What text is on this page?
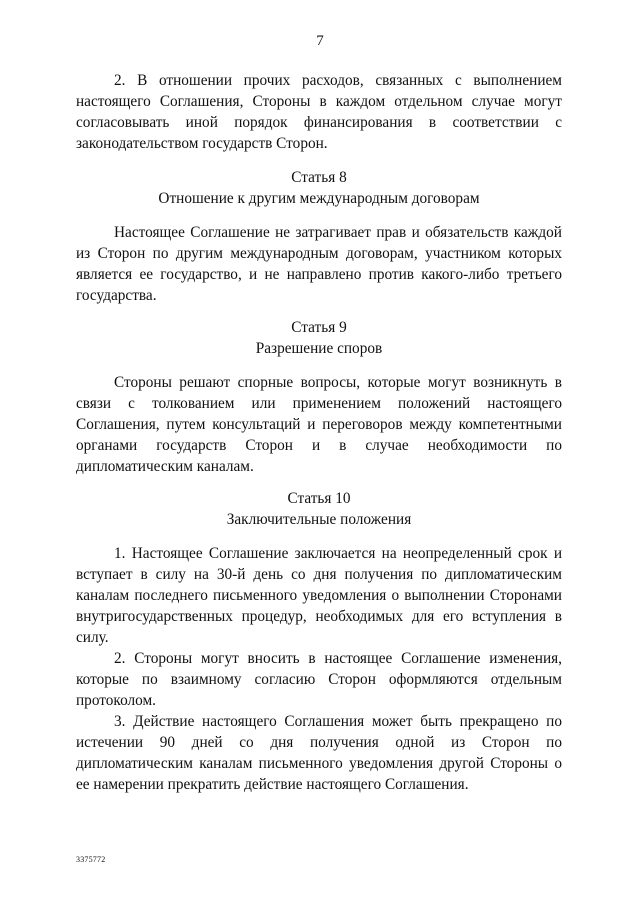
7

2. В отношении прочих расходов, связанных с выполнением настоящего Соглашения, Стороны в каждом отдельном случае могут согласовывать иной порядок финансирования в соответствии с законодательством государств Сторон.

Статья 8

Отношение к другим международным договорам

Настоящее Соглашение не затрагивает прав и обязательств каждой из Сторон по другим международным договорам, участником которых является ее государство, и не направлено против какого-либо третьего государства.

Статья 9

Разрешение споров

Стороны решают спорные вопросы, которые могут возникнуть в связи с толкованием или применением положений настоящего Соглашения, путем консультаций и переговоров между компетентными органами государств Сторон и в случае необходимости по дипломатическим каналам.

Статья 10

Заключительные положения

1. Настоящее Соглашение заключается на неопределенный срок и вступает в силу на 30-й день со дня получения по дипломатическим каналам последнего письменного уведомления о выполнении Сторонами внутригосударственных процедур, необходимых для его вступления в силу.

2. Стороны могут вносить в настоящее Соглашение изменения, которые по взаимному согласию Сторон оформляются отдельным протоколом.

3. Действие настоящего Соглашения может быть прекращено по истечении 90 дней со дня получения одной из Сторон по дипломатическим каналам письменного уведомления другой Стороны о ее намерении прекратить действие настоящего Соглашения.

3375772
